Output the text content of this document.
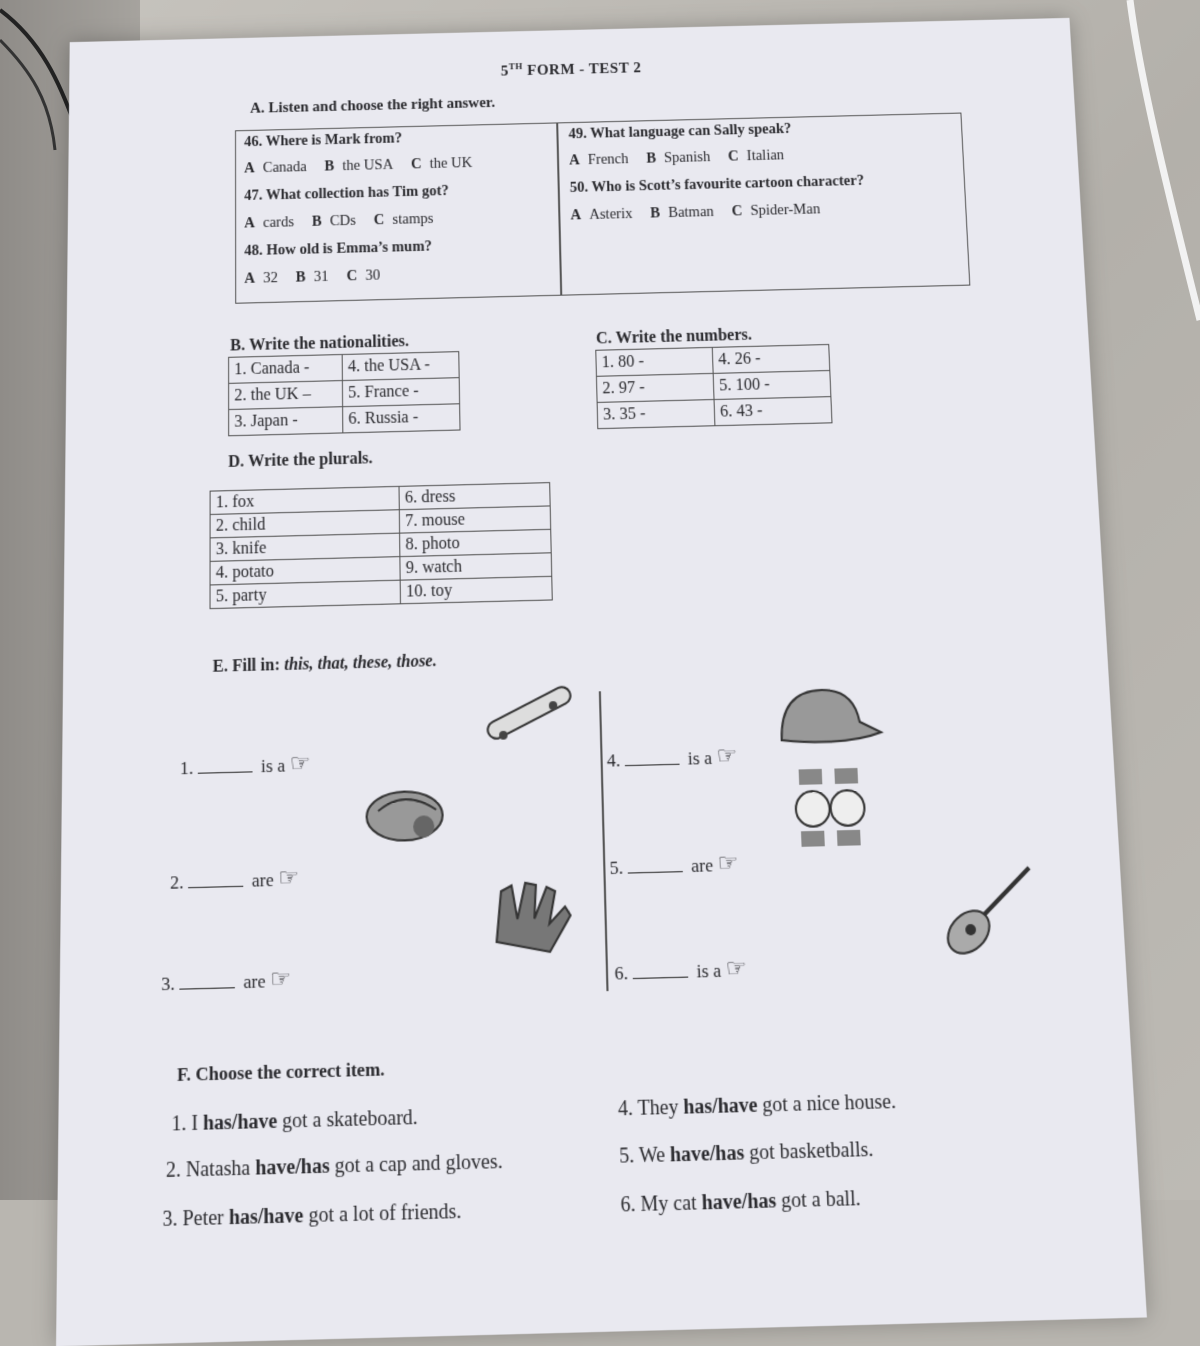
5TH FORM - TEST 2
A. Listen and choose the right answer.
46. Where is Mark from?
A Canada B the USA C the UK
47. What collection has Tim got?
A cards B CDs C stamps
48. How old is Emma’s mum?
A 32 B 31 C 30
49. What language can Sally speak?
A French B Spanish C Italian
50. Who is Scott’s favourite cartoon character?
A Asterix B Batman C Spider-Man
B. Write the nationalities.
1. Canada -	4. the USA -
2. the UK –	5. France -
3. Japan -	6. Russia -
C. Write the numbers.
1. 80 -	4. 26 -
2. 97 -	5. 100 -
3. 35 -	6. 43 -
D. Write the plurals.
1. fox	6. dress
2. child	7. mouse
3. knife	8. photo
4. potato	9. watch
5. party	10. toy
E. Fill in: this, that, these, those.
1.	is a ☞
2.	are ☞
3.	are ☞
4.	is a ☞
5.	are ☞
6.	is a ☞
F. Choose the correct item.
1. I has/have got a skateboard.
2. Natasha have/has got a cap and gloves.
3. Peter has/have got a lot of friends.
4. They has/have got a nice house.
5. We have/has got basketballs.
6. My cat have/has got a ball.
